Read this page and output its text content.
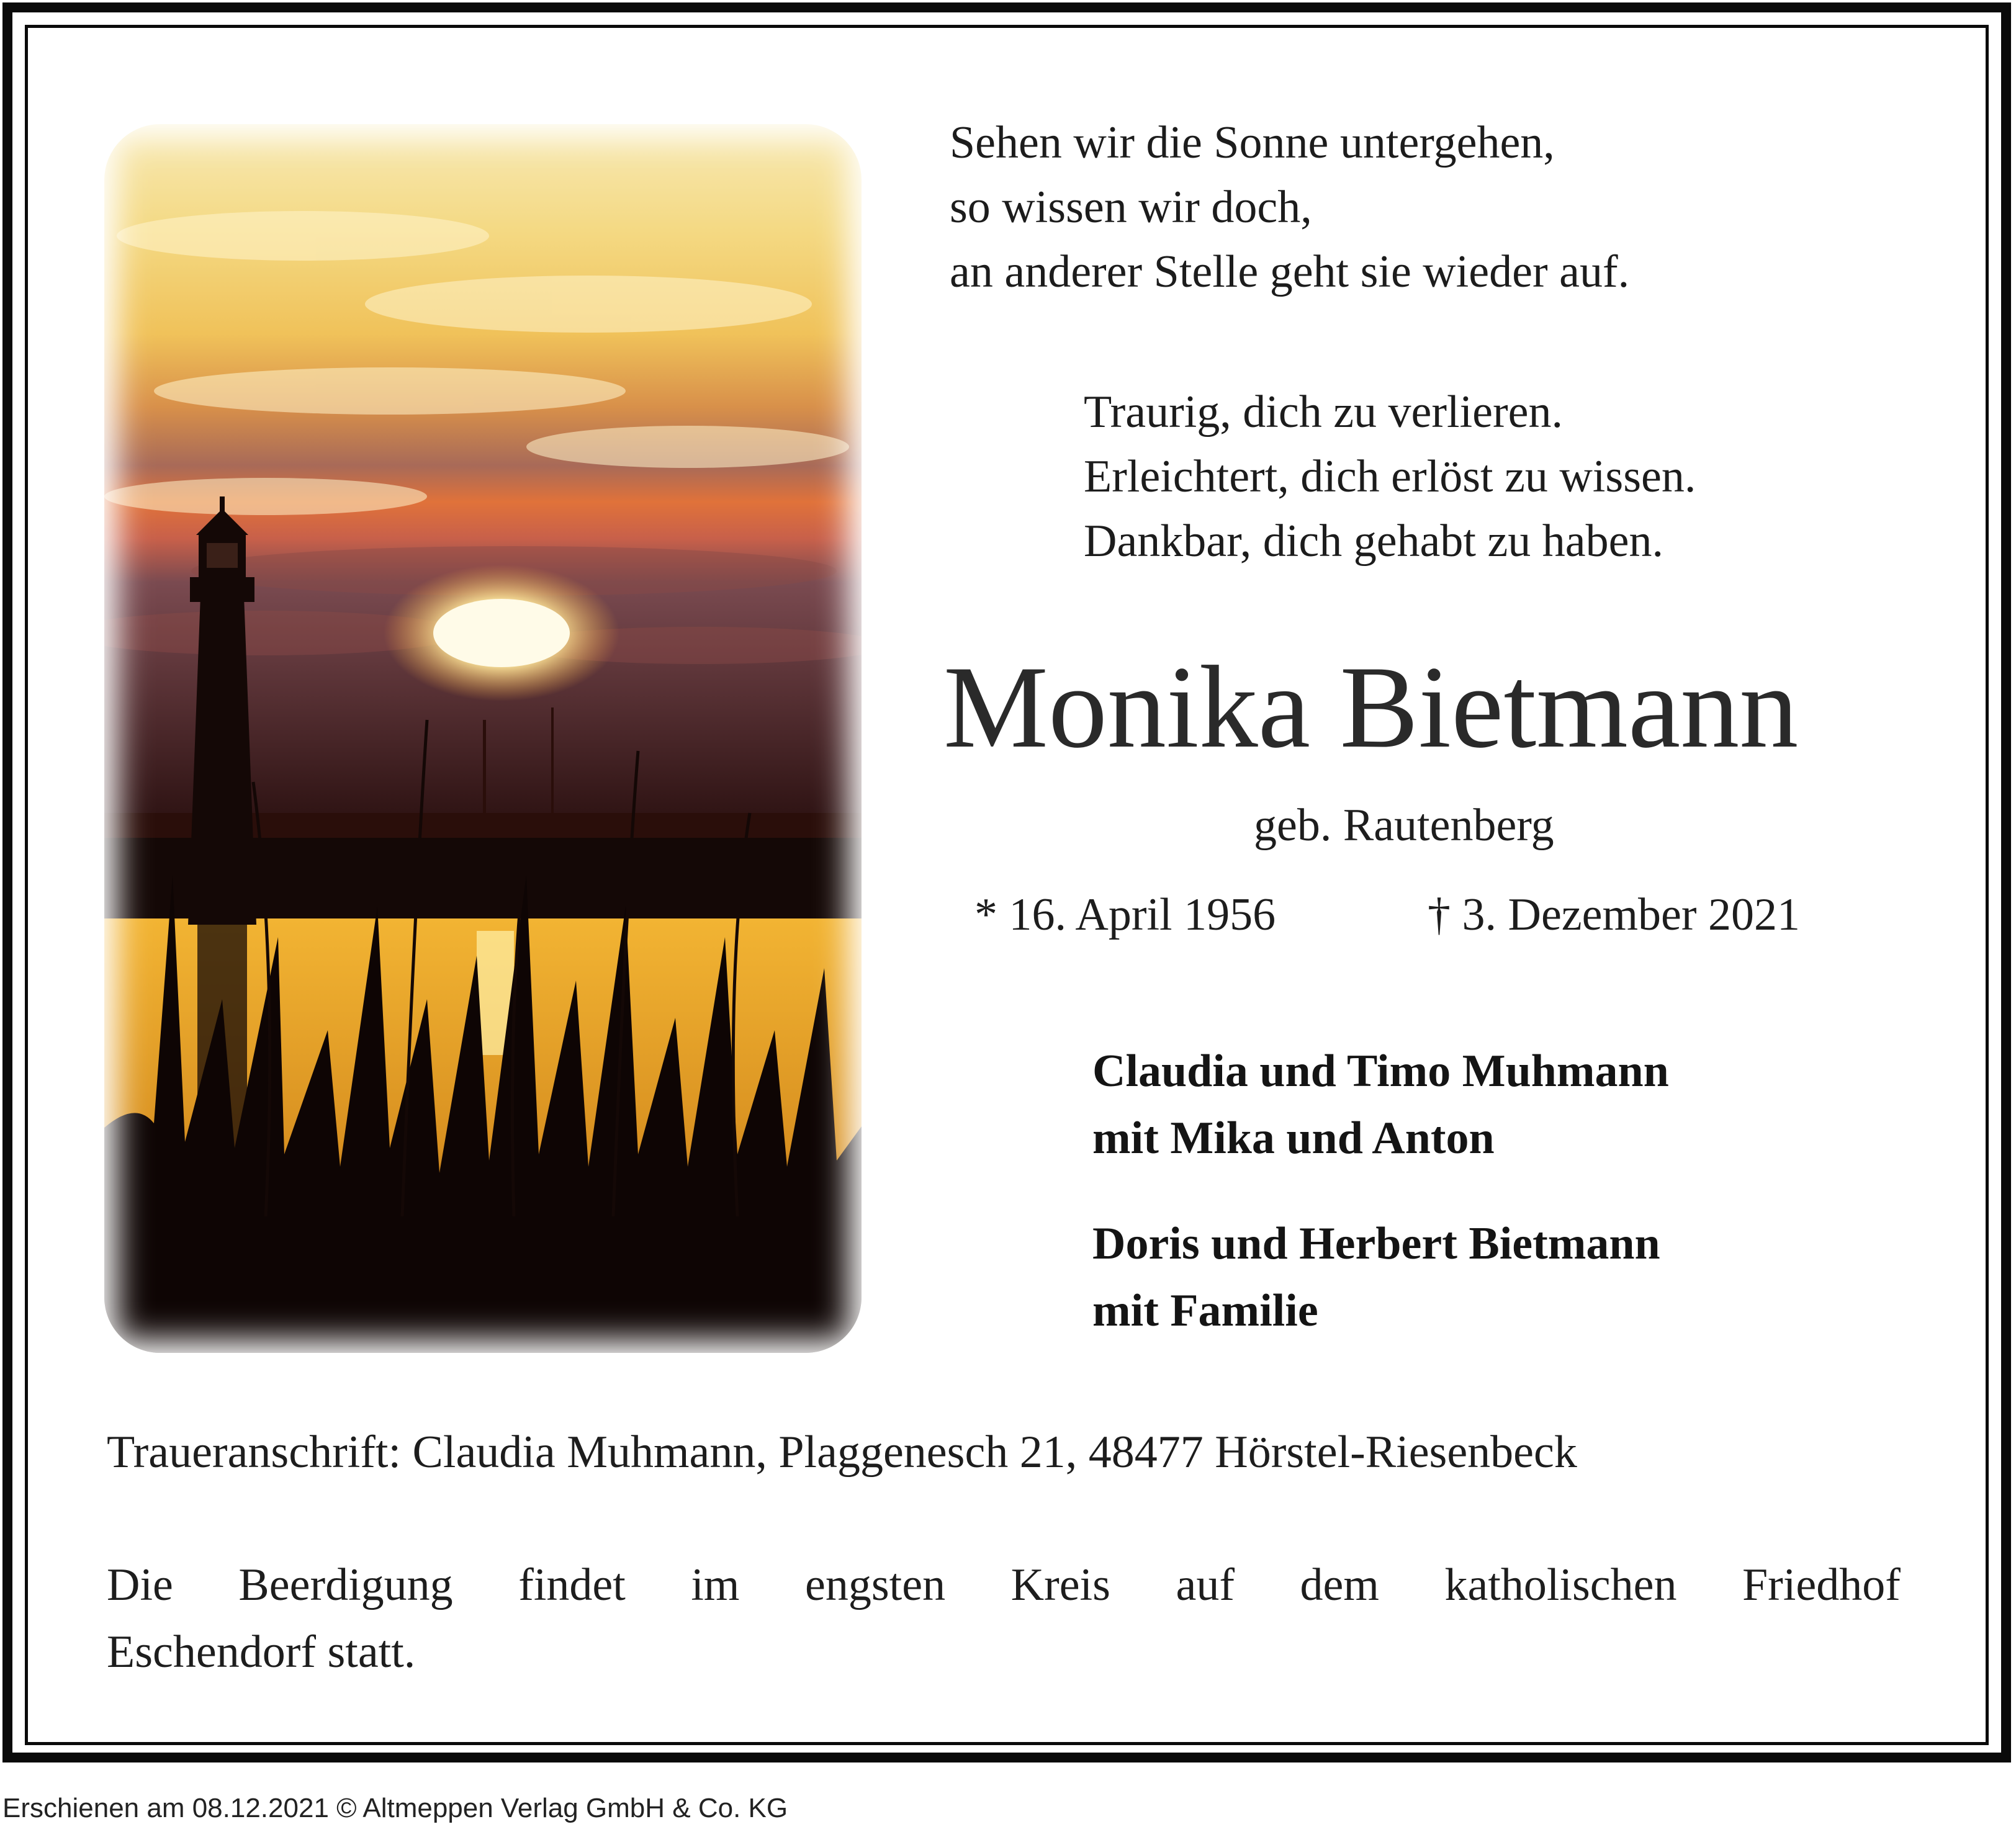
Sehen wir die Sonne untergehen,
so wissen wir doch,
an anderer Stelle geht sie wieder auf.
Traurig, dich zu verlieren.
Erleichtert, dich erlöst zu wissen.
Dankbar, dich gehabt zu haben.
Monika Bietmann
geb. Rautenberg
* 16. April 1956	† 3. Dezember 2021
Claudia und Timo Muhmann
mit Mika und Anton
Doris und Herbert Bietmann
mit Familie
Traueranschrift: Claudia Muhmann, Plaggenesch 21, 48477 Hörstel-Riesenbeck
Die Beerdigung findet im engsten Kreis auf dem katholischen Friedhof
Eschendorf statt.
Erschienen am 08.12.2021 © Altmeppen Verlag GmbH & Co. KG
